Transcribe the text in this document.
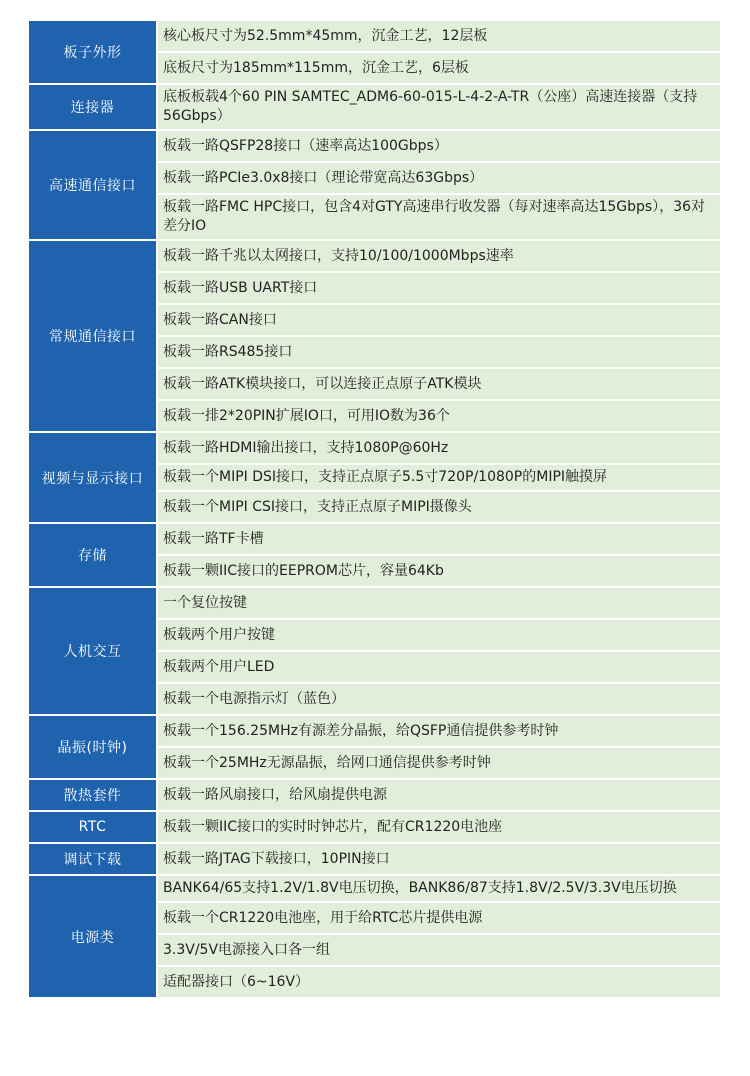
板子外形	核心板尺寸为52.5mm*45mm，沉金工艺，12层板
	底板尺寸为185mm*115mm，沉金工艺，6层板
连接器	底板板载4个60 PIN SAMTEC_ADM6-60-015-L-4-2-A-TR（公座）高速连接器（支持56Gbps）
高速通信接口	板载一路QSFP28接口（速率高达100Gbps）
	板载一路PCIe3.0x8接口（理论带宽高达63Gbps）
	板载一路FMC HPC接口，包含4对GTY高速串行收发器（每对速率高达15Gbps），36对差分IO
常规通信接口	板载一路千兆以太网接口，支持10/100/1000Mbps速率
	板载一路USB UART接口
	板载一路CAN接口
	板载一路RS485接口
	板载一路ATK模块接口，可以连接正点原子ATK模块
	板载一排2*20PIN扩展IO口，可用IO数为36个
视频与显示接口	板载一路HDMI输出接口，支持1080P@60Hz
	板载一个MIPI DSI接口，支持正点原子5.5寸720P/1080P的MIPI触摸屏
	板载一个MIPI CSI接口，支持正点原子MIPI摄像头
存储	板载一路TF卡槽
	板载一颗IIC接口的EEPROM芯片，容量64Kb
人机交互	一个复位按键
	板载两个用户按键
	板载两个用户LED
	板载一个电源指示灯（蓝色）
晶振(时钟)	板载一个156.25MHz有源差分晶振，给QSFP通信提供参考时钟
	板载一个25MHz无源晶振，给网口通信提供参考时钟
散热套件	板载一路风扇接口，给风扇提供电源
RTC	板载一颗IIC接口的实时时钟芯片，配有CR1220电池座
调试下载	板载一路JTAG下载接口，10PIN接口
电源类	BANK64/65支持1.2V/1.8V电压切换，BANK86/87支持1.8V/2.5V/3.3V电压切换
	板载一个CR1220电池座，用于给RTC芯片提供电源
	3.3V/5V电源接入口各一组
	适配器接口（6~16V）
